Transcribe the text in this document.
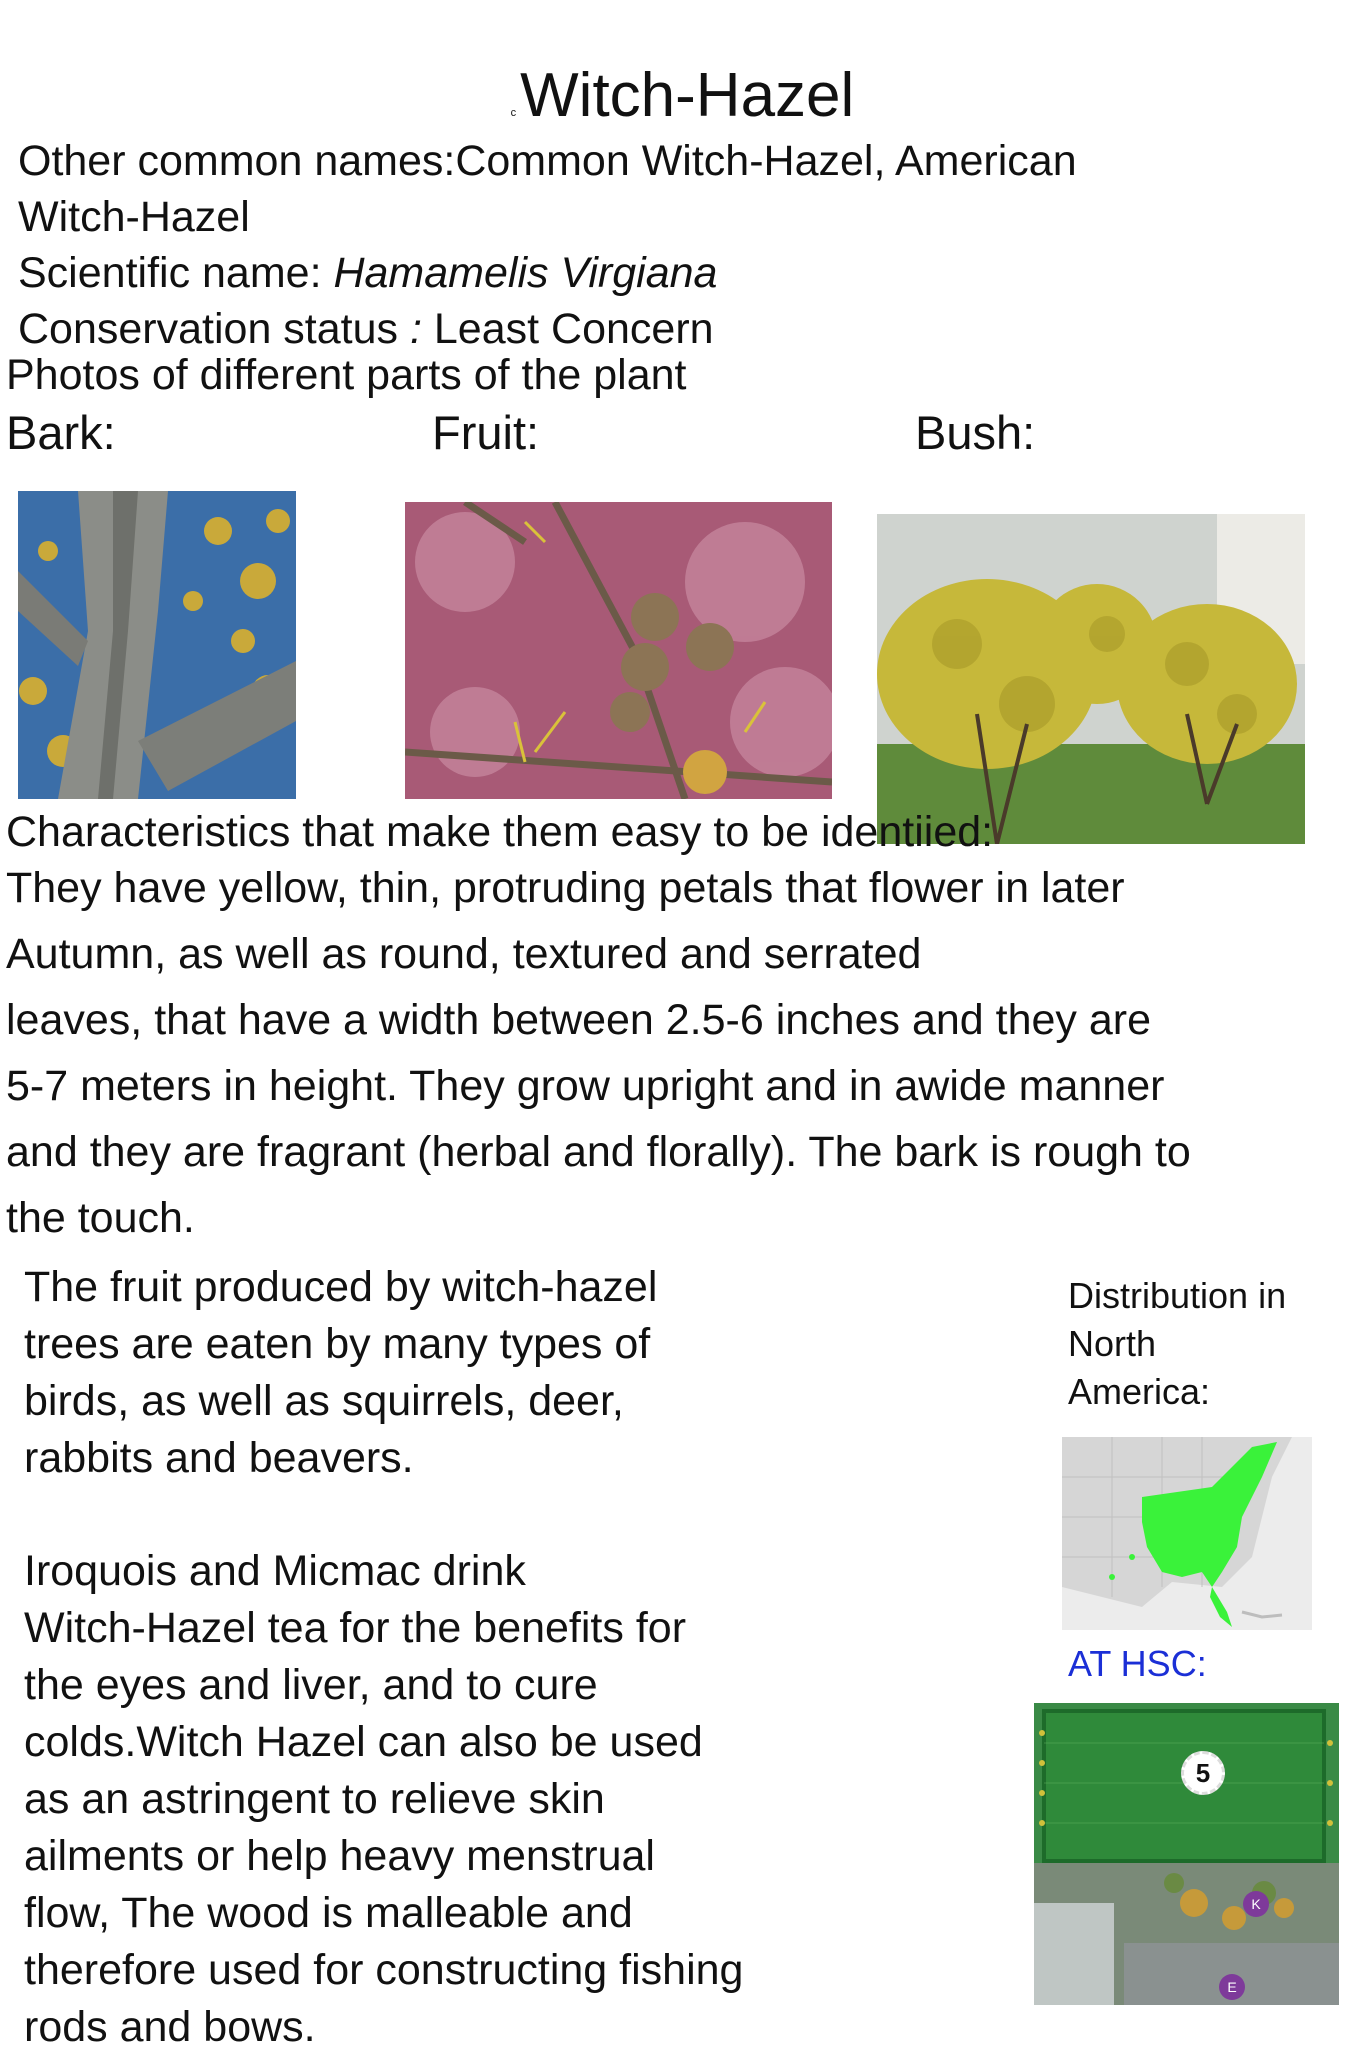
cWitch-Hazel
Other common names:Common Witch-Hazel, American
Witch-Hazel
Scientific name: Hamamelis Virgiana
Conservation status : Least Concern
Photos of different parts of the plant
Bark:	Fruit:	Bush:
Characteristics that make them easy to be identiied:
They have yellow, thin, protruding petals that flower in later
Autumn, as well as round, textured and serrated
leaves, that have a width between 2.5-6 inches and they are
5-7 meters in height. They grow upright and in awide manner
and they are fragrant (herbal and florally). The bark is rough to
the touch.
The fruit produced by witch-hazel
trees are eaten by many types of
birds, as well as squirrels, deer,
rabbits and beavers.
Iroquois and Micmac drink
Witch-Hazel tea for the benefits for
the eyes and liver, and to cure
colds.Witch Hazel can also be used
as an astringent to relieve skin
ailments or help heavy menstrual
flow, The wood is malleable and
therefore used for constructing fishing
rods and bows.
Distribution in
North
America:
AT HSC:
5
K
E
